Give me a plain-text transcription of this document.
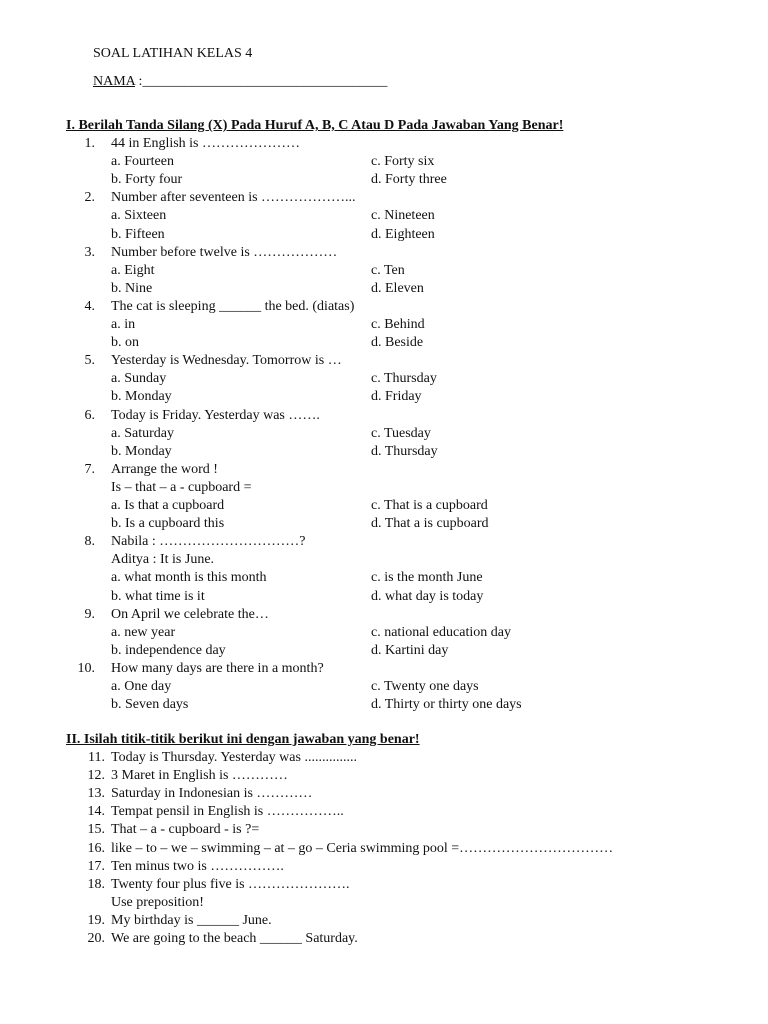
SOAL LATIHAN KELAS 4
NAMA :___________________________________
I. Berilah Tanda Silang (X) Pada Huruf A, B, C Atau D Pada Jawaban Yang Benar!
1. 44 in English is …………………
a. Fourteen	c. Forty six
b. Forty four	d. Forty three
2. Number after seventeen is ………………...
a. Sixteen	c. Nineteen
b. Fifteen	d. Eighteen
3. Number before twelve is ………………
a. Eight	c. Ten
b. Nine	d. Eleven
4. The cat is sleeping ______ the bed. (diatas)
a. in	c. Behind
b. on	d. Beside
5. Yesterday is Wednesday. Tomorrow is …
a. Sunday	c. Thursday
b. Monday	d. Friday
6. Today is Friday. Yesterday was …….
a. Saturday	c. Tuesday
b. Monday	d. Thursday
7. Arrange the word !
Is – that – a - cupboard =
a. Is that a cupboard	c. That is a cupboard
b. Is a cupboard this	d. That a is cupboard
8. Nabila : …………………………?
Aditya : It is June.
a. what month is this month	c. is the month June
b. what time is it	d. what day is today
9. On April we celebrate the…
a. new year	c. national education day
b. independence day	d. Kartini day
10. How many days are there in a month?
a. One day	c. Twenty one days
b. Seven days	d. Thirty or thirty one days
II. Isilah titik-titik berikut ini dengan jawaban yang benar!
11. Today is Thursday. Yesterday was ...............
12. 3 Maret in English is …………
13. Saturday in Indonesian is …………
14. Tempat pensil in English is ……………..
15. That – a - cupboard - is ?=
16. like – to – we – swimming – at – go – Ceria swimming pool =……………………………
17. Ten minus two is …………….
18. Twenty four plus five is ………………….
Use preposition!
19. My birthday is ______ June.
20. We are going to the beach ______ Saturday.
